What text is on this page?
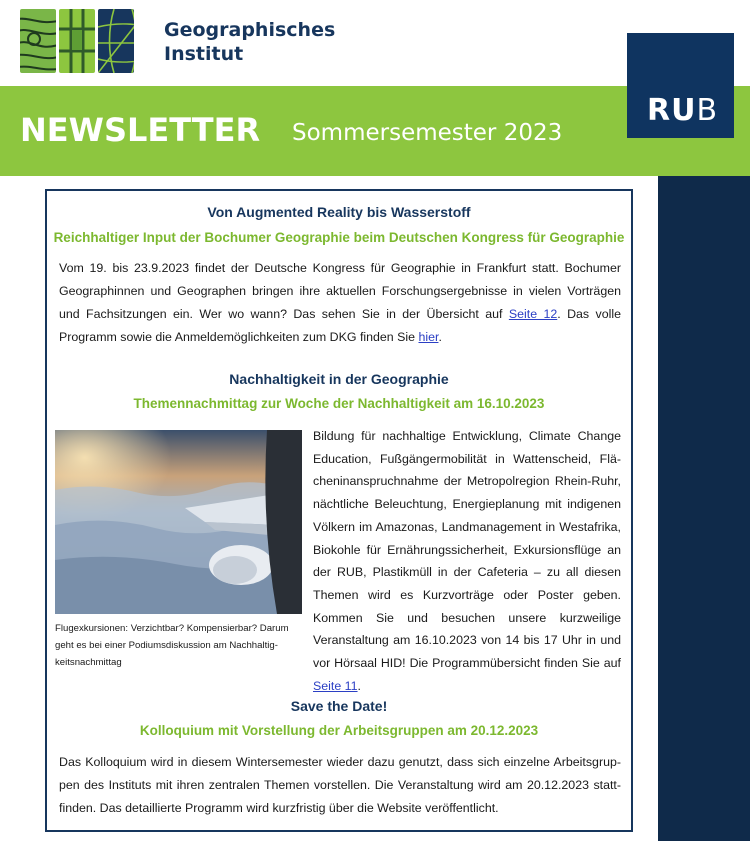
Geographisches
Institut
NEWSLETTER Sommersemester 2023
RUB
Von Augmented Reality bis Wasserstoff
Reichhaltiger Input der Bochumer Geographie beim Deutschen Kongress für Geographie
Vom 19. bis 23.9.2023 findet der Deutsche Kongress für Geographie in Frankfurt statt. Bochumer Geographinnen und Geographen bringen ihre aktuellen Forschungsergebnisse in vielen Vorträgen und Fachsitzungen ein. Wer wo wann? Das sehen Sie in der Übersicht auf Seite 12. Das volle Programm sowie die Anmeldemöglichkeiten zum DKG finden Sie hier.
Nachhaltigkeit in der Geographie
Themennachmittag zur Woche der Nachhaltigkeit am 16.10.2023
Flugexkursionen: Verzichtbar? Kompensierbar? Darum geht es bei einer Podiumsdiskussion am Nachhaltigkeitsnachmittag
Bildung für nachhaltige Entwicklung, Climate Change Education, Fußgängermobilität in Wattenscheid, Flächeninanspruchnahme der Metropolregion Rhein-Ruhr, nächtliche Beleuchtung, Energieplanung mit indigenen Völkern im Amazonas, Landmanagement in Westafrika, Biokohle für Ernährungssicherheit, Exkursionsflüge an der RUB, Plastikmüll in der Cafeteria – zu all diesen Themen wird es Kurzvorträge oder Poster geben. Kommen Sie und besuchen unsere kurzweilige Veranstaltung am 16.10.2023 von 14 bis 17 Uhr in und vor Hörsaal HID! Die Programmübersicht finden Sie auf Seite 11.
Save the Date!
Kolloquium mit Vorstellung der Arbeitsgruppen am 20.12.2023
Das Kolloquium wird in diesem Wintersemester wieder dazu genutzt, dass sich einzelne Arbeitsgruppen des Instituts mit ihren zentralen Themen vorstellen. Die Veranstaltung wird am 20.12.2023 stattfinden. Das detaillierte Programm wird kurzfristig über die Website veröffentlicht.
